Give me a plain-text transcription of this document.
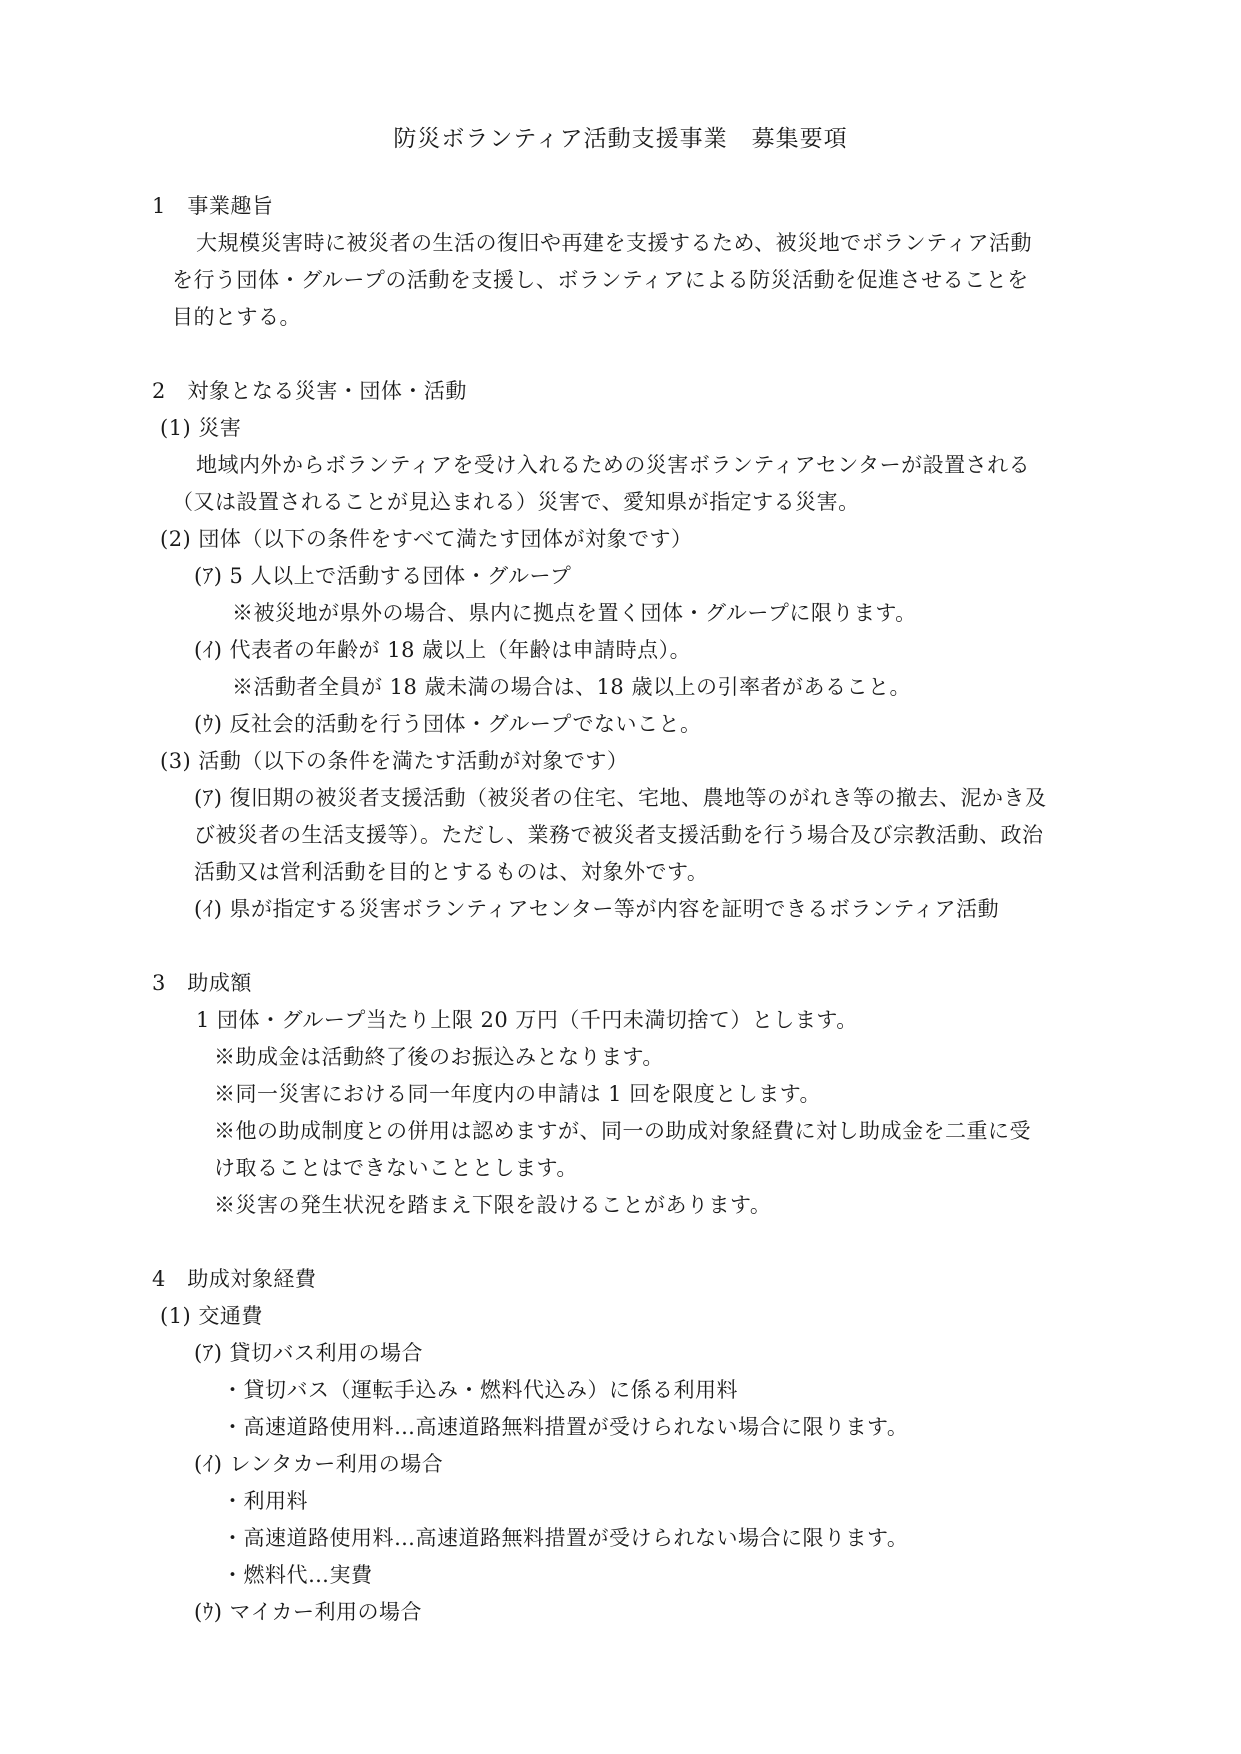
防災ボランティア活動支援事業　募集要項
1　事業趣旨
大規模災害時に被災者の生活の復旧や再建を支援するため、被災地でボランティア活動
を行う団体・グループの活動を支援し、ボランティアによる防災活動を促進させることを
目的とする。
2　対象となる災害・団体・活動
(1) 災害
地域内外からボランティアを受け入れるための災害ボランティアセンターが設置される
（又は設置されることが見込まれる）災害で、愛知県が指定する災害。
(2) 団体（以下の条件をすべて満たす団体が対象です）
(ｱ) 5 人以上で活動する団体・グループ
※被災地が県外の場合、県内に拠点を置く団体・グループに限ります。
(ｲ) 代表者の年齢が 18 歳以上（年齢は申請時点）。
※活動者全員が 18 歳未満の場合は、18 歳以上の引率者があること。
(ｳ) 反社会的活動を行う団体・グループでないこと。
(3) 活動（以下の条件を満たす活動が対象です）
(ｱ) 復旧期の被災者支援活動（被災者の住宅、宅地、農地等のがれき等の撤去、泥かき及
び被災者の生活支援等）。ただし、業務で被災者支援活動を行う場合及び宗教活動、政治
活動又は営利活動を目的とするものは、対象外です。
(ｲ) 県が指定する災害ボランティアセンター等が内容を証明できるボランティア活動
3　助成額
1 団体・グループ当たり上限 20 万円（千円未満切捨て）とします。
※助成金は活動終了後のお振込みとなります。
※同一災害における同一年度内の申請は 1 回を限度とします。
※他の助成制度との併用は認めますが、同一の助成対象経費に対し助成金を二重に受
け取ることはできないこととします。
※災害の発生状況を踏まえ下限を設けることがあります。
4　助成対象経費
(1) 交通費
(ｱ) 貸切バス利用の場合
・貸切バス（運転手込み・燃料代込み）に係る利用料
・高速道路使用料…高速道路無料措置が受けられない場合に限ります。
(ｲ) レンタカー利用の場合
・利用料
・高速道路使用料…高速道路無料措置が受けられない場合に限ります。
・燃料代…実費
(ｳ) マイカー利用の場合
